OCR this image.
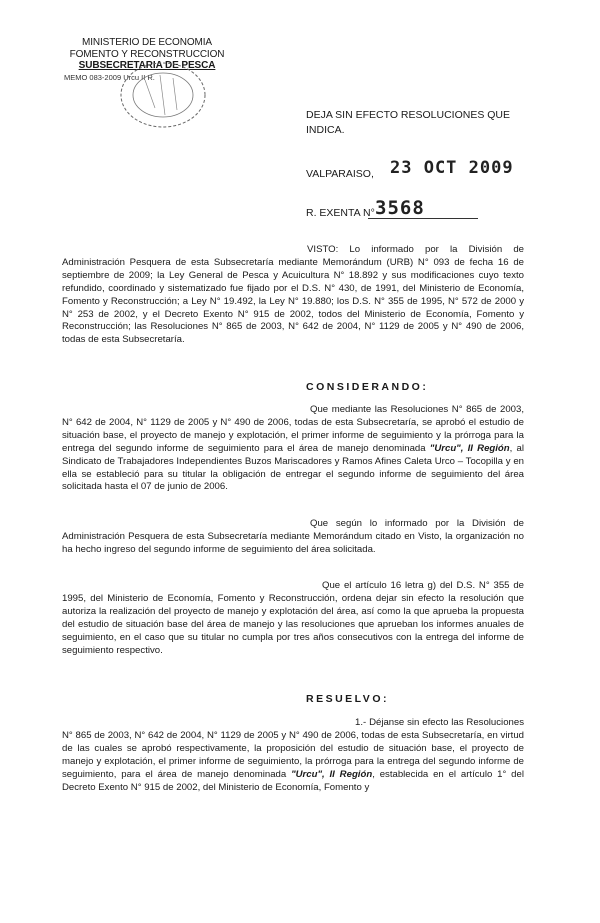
MINISTERIO DE ECONOMIA
FOMENTO Y RECONSTRUCCION
SUBSECRETARIA DE PESCA
MEMO 083-2009 Urcu II R.
DEJA SIN EFECTO RESOLUCIONES QUE
INDICA.
VALPARAISO, 23 OCT 2009
R. EXENTA N° 3568

VISTO: Lo informado por la División de Administración Pesquera de esta Subsecretaría mediante Memorándum (URB) N° 093 de fecha 16 de septiembre de 2009; la Ley General de Pesca y Acuicultura N° 18.892 y sus modificaciones cuyo texto refundido, coordinado y sistematizado fue fijado por el D.S. N° 430, de 1991, del Ministerio de Economía, Fomento y Reconstrucción; a Ley N° 19.492, la Ley N° 19.880; los D.S. N° 355 de 1995, N° 572 de 2000 y N° 253 de 2002, y el Decreto Exento N° 915 de 2002, todos del Ministerio de Economía, Fomento y Reconstrucción; las Resoluciones N° 865 de 2003, N° 642 de 2004, N° 1129 de 2005 y N° 490 de 2006, todas de esta Subsecretaría.

CONSIDERANDO:

Que mediante las Resoluciones N° 865 de 2003, N° 642 de 2004, N° 1129 de 2005 y N° 490 de 2006, todas de esta Subsecretaría, se aprobó el estudio de situación base, el proyecto de manejo y explotación, el primer informe de seguimiento y la prórroga para la entrega del segundo informe de seguimiento para el área de manejo denominada "Urcu", II Región, al Sindicato de Trabajadores Independientes Buzos Mariscadores y Ramos Afines Caleta Urco – Tocopilla y en ella se estableció para su titular la obligación de entregar el segundo informe de seguimiento del área solicitada hasta el 07 de junio de 2006.

Que según lo informado por la División de Administración Pesquera de esta Subsecretaría mediante Memorándum citado en Visto, la organización no ha hecho ingreso del segundo informe de seguimiento del área solicitada.

Que el artículo 16 letra g) del D.S. N° 355 de 1995, del Ministerio de Economía, Fomento y Reconstrucción, ordena dejar sin efecto la resolución que autoriza la realización del proyecto de manejo y explotación del área, así como la que aprueba la propuesta del estudio de situación base del área de manejo y las resoluciones que aprueban los informes anuales de seguimiento, en el caso que su titular no cumpla por tres años consecutivos con la entrega del informe de seguimiento respectivo.

RESUELVO:

1.- Déjanse sin efecto las Resoluciones N° 865 de 2003, N° 642 de 2004, N° 1129 de 2005 y N° 490 de 2006, todas de esta Subsecretaría, en virtud de las cuales se aprobó respectivamente, la proposición del estudio de situación base, el proyecto de manejo y explotación, el primer informe de seguimiento, la prórroga para la entrega del segundo informe de seguimiento, para el área de manejo denominada "Urcu", II Región, establecida en el artículo 1° del Decreto Exento N° 915 de 2002, del Ministerio de Economía, Fomento y
